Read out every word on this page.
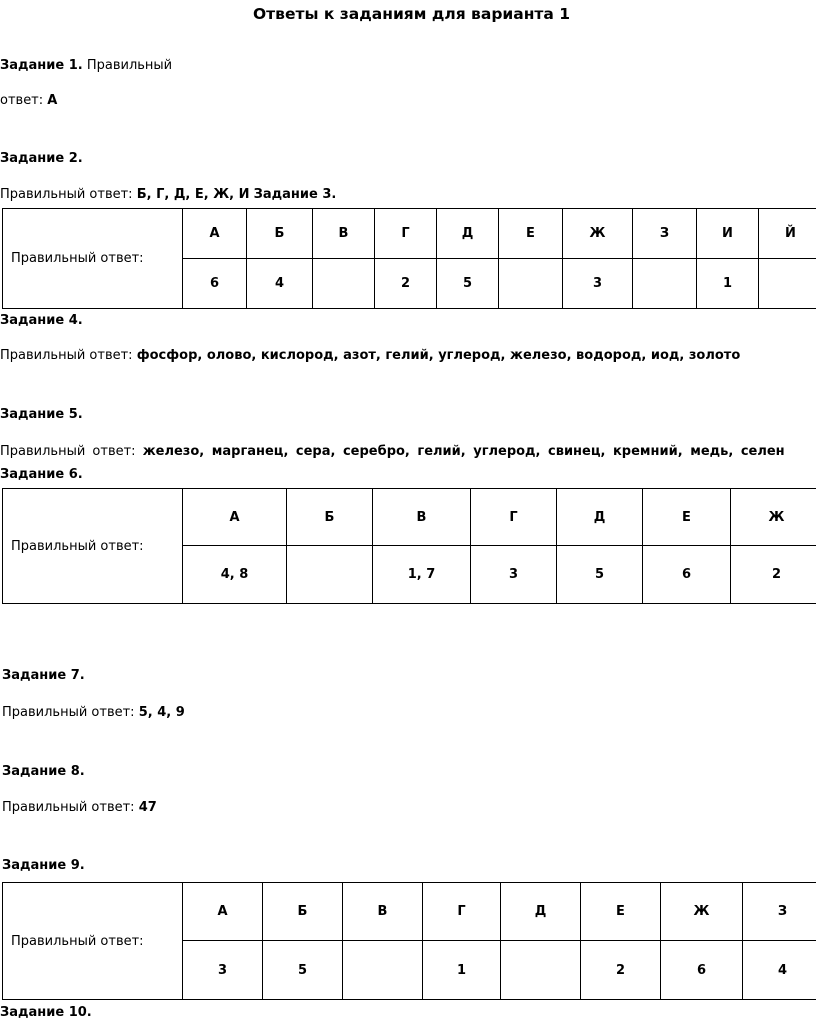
Ответы к заданиям для варианта 1
Задание 1. Правильный
ответ: А
Задание 2.
Правильный ответ: Б, Г, Д, Е, Ж, И Задание 3.
Правильный ответ:	А	Б	В	Г	Д	Е	Ж	З	И	Й
	6	4		2	5		3		1	
Задание 4.
Правильный ответ: фосфор, олово, кислород, азот, гелий, углерод, железо, водород, иод, золото
Задание 5.
Правильный ответ: железо, марганец, сера, серебро, гелий, углерод, свинец, кремний, медь, селен
Задание 6.
Правильный ответ:	А	Б	В	Г	Д	Е	Ж
	4, 8		1, 7	3	5	6	2
Задание 7.
Правильный ответ: 5, 4, 9
Задание 8.
Правильный ответ: 47
Задание 9.
Правильный ответ:	А	Б	В	Г	Д	Е	Ж	З
	3	5		1		2	6	4
Задание 10.
